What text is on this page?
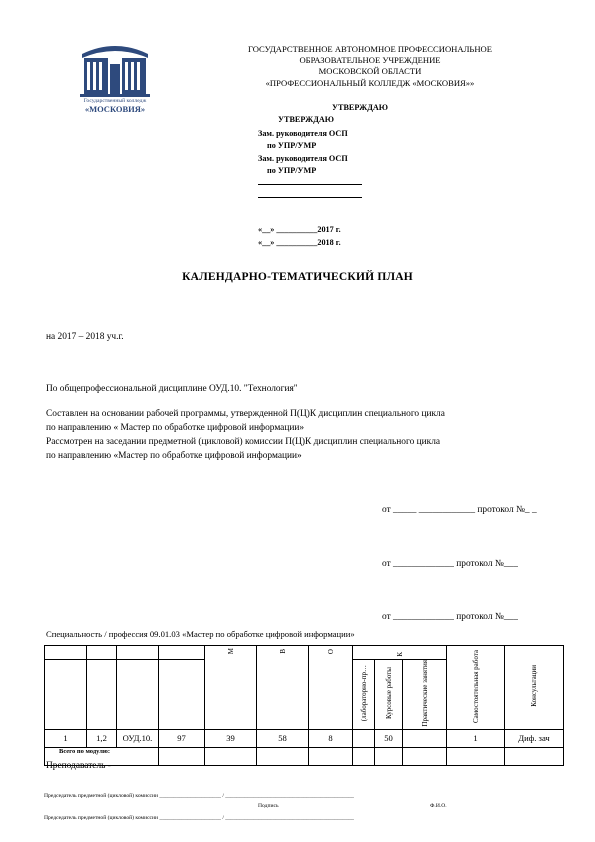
Государственный колледж
«МОСКОВИЯ»
ГОСУДАРСТВЕННОЕ АВТОНОМНОЕ ПРОФЕССИОНАЛЬНОЕ
ОБРАЗОВАТЕЛЬНОЕ УЧРЕЖДЕНИЕ
МОСКОВСКОЙ ОБЛАСТИ
«ПРОФЕССИОНАЛЬНЫЙ КОЛЛЕДЖ «МОСКОВИЯ»»
УТВЕРЖДАЮ
УТВЕРЖДАЮ
Зам. руководителя ОСП
по УПР/УМР
Зам. руководителя ОСП
по УПР/УМР
«__» __________2017 г.
«__» __________2018 г.
КАЛЕНДАРНО-ТЕМАТИЧЕСКИЙ ПЛАН
на 2017 – 2018 уч.г.
По общепрофессиональной дисциплине ОУД.10. "Технология"
Составлен на основании рабочей программы, утвержденной П(Ц)К дисциплин специального цикла
по направлению « Мастер по обработке цифровой информации»
Рассмотрен на заседании предметной (цикловой) комиссии П(Ц)К дисциплин специального цикла
по направлению «Мастер по обработке цифровой информации»
от _____ ____________ протокол №_ _
от _____________ протокол №___
от _____________ протокол №___
Специальность / профессия 09.01.03 «Мастер по обработке цифровой информации»
				М	В	О	К			Самостоятельная работа	Консультации
							(лабораторно-пр…	Курсовые работы	Практические занятия		
1	1,2	ОУД.10.	97	39	58	8		50		1	Диф. зач
Всего по модулю:											
Преподаватель -
Председатель предметной (цикловой) комиссии ______________________ / ______________________________________________
Подпись	Ф.И.О.
Председатель предметной (цикловой) комиссии ______________________ / ______________________________________________
